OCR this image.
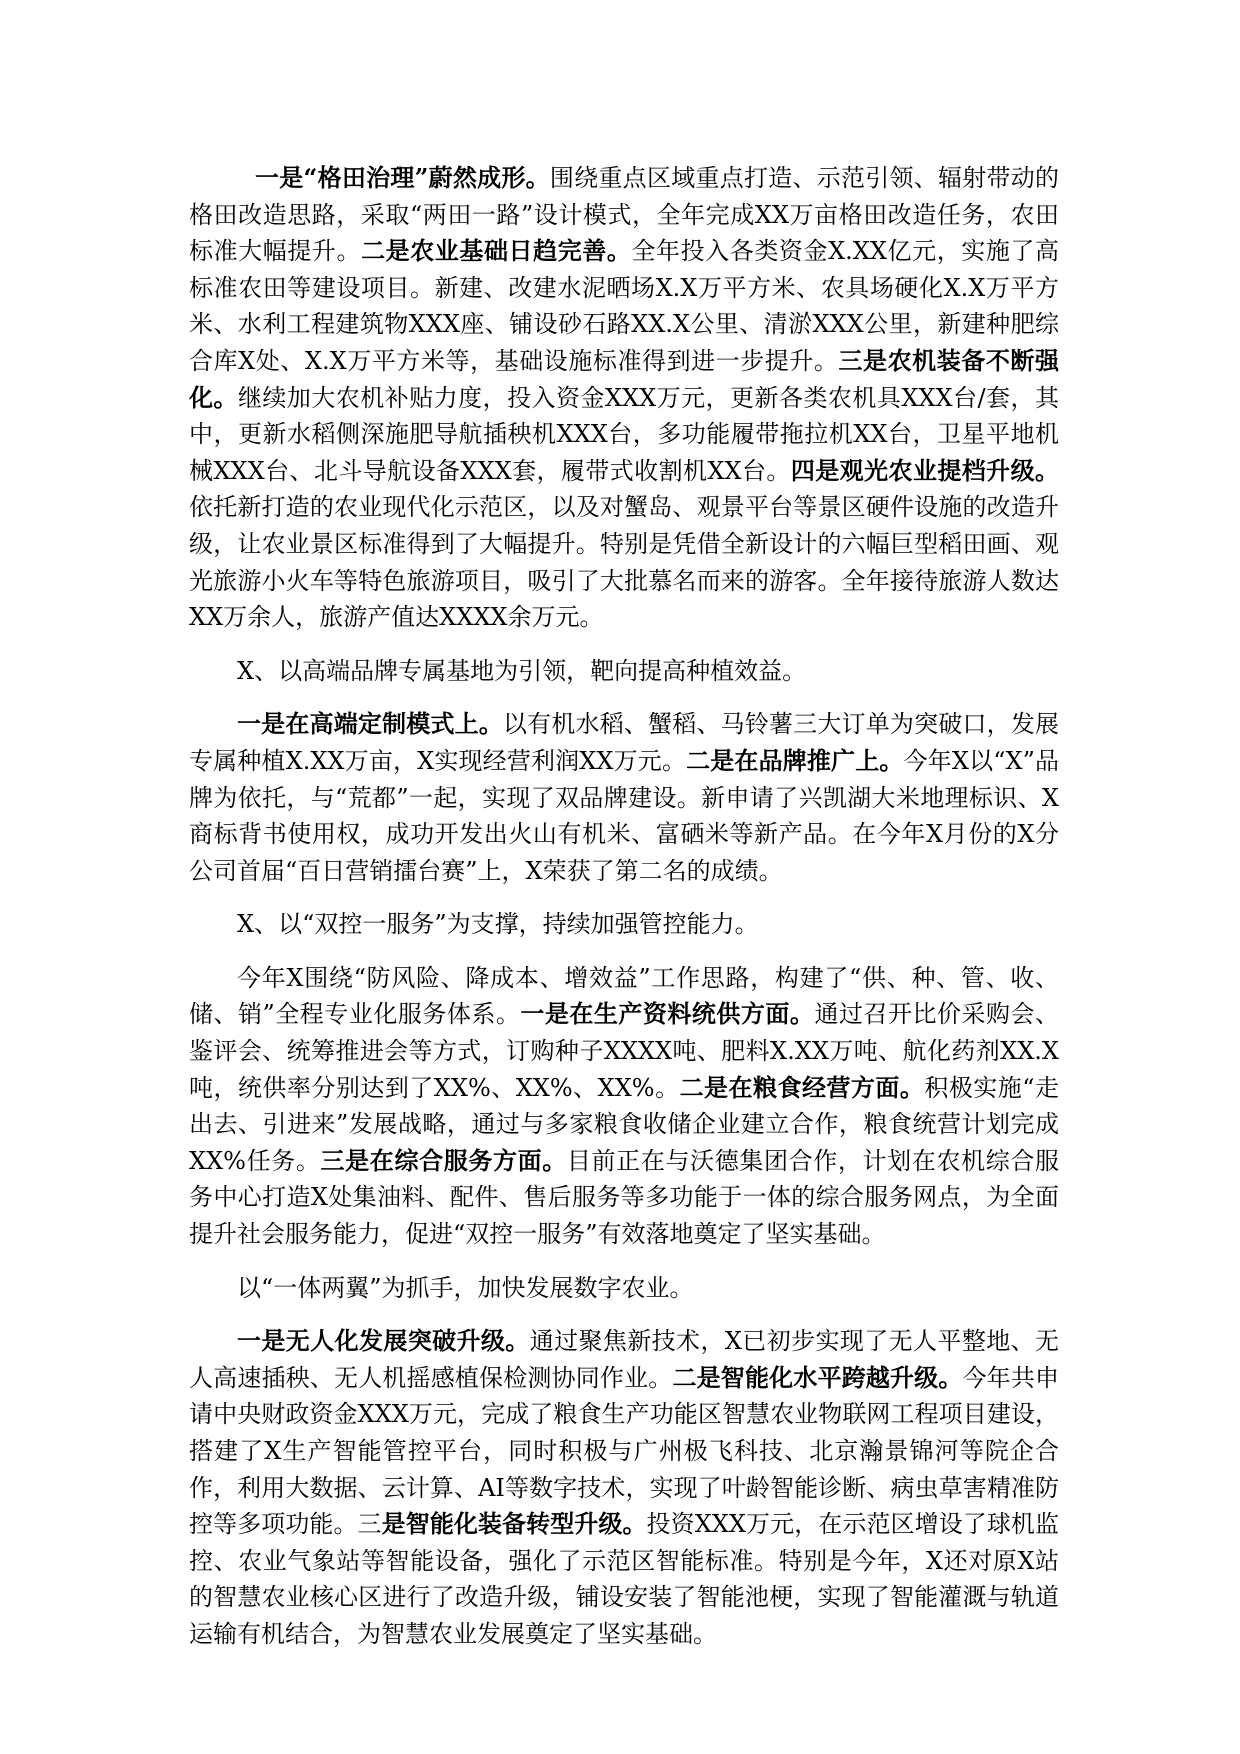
一是“格田治理”蔚然成形。围绕重点区域重点打造、示范引领、辐射带动的格田改造思路，采取“两田一路”设计模式，全年完成XX万亩格田改造任务，农田标准大幅提升。二是农业基础日趋完善。全年投入各类资金X.XX亿元，实施了高标准农田等建设项目。新建、改建水泥晒场X.X万平方米、农具场硬化X.X万平方米、水利工程建筑物XXX座、铺设砂石路XX.X公里、清淤XXX公里，新建种肥综合库X处、X.X万平方米等，基础设施标准得到进一步提升。三是农机装备不断强化。继续加大农机补贴力度，投入资金XXX万元，更新各类农机具XXX台/套，其中，更新水稻侧深施肥导航插秧机XXX台，多功能履带拖拉机XX台，卫星平地机械XXX台、北斗导航设备XXX套，履带式收割机XX台。四是观光农业提档升级。依托新打造的农业现代化示范区，以及对蟹岛、观景平台等景区硬件设施的改造升级，让农业景区标准得到了大幅提升。特别是凭借全新设计的六幅巨型稻田画、观光旅游小火车等特色旅游项目，吸引了大批慕名而来的游客。全年接待旅游人数达XX万余人，旅游产值达XXXX余万元。

X、以高端品牌专属基地为引领，靶向提高种植效益。

一是在高端定制模式上。以有机水稻、蟹稻、马铃薯三大订单为突破口，发展专属种植X.XX万亩，X实现经营利润XX万元。二是在品牌推广上。今年X以“X”品牌为依托，与“荒都”一起，实现了双品牌建设。新申请了兴凯湖大米地理标识、X商标背书使用权，成功开发出火山有机米、富硒米等新产品。在今年X月份的X分公司首届“百日营销擂台赛”上，X荣获了第二名的成绩。

X、以“双控一服务”为支撑，持续加强管控能力。

今年X围绕“防风险、降成本、增效益”工作思路，构建了“供、种、管、收、储、销”全程专业化服务体系。一是在生产资料统供方面。通过召开比价采购会、鉴评会、统筹推进会等方式，订购种子XXXX吨、肥料X.XX万吨、航化药剂XX.X吨，统供率分别达到了XX%、XX%、XX%。二是在粮食经营方面。积极实施“走出去、引进来”发展战略，通过与多家粮食收储企业建立合作，粮食统营计划完成XX%任务。三是在综合服务方面。目前正在与沃德集团合作，计划在农机综合服务中心打造X处集油料、配件、售后服务等多功能于一体的综合服务网点，为全面提升社会服务能力，促进“双控一服务”有效落地奠定了坚实基础。

以“一体两翼”为抓手，加快发展数字农业。

一是无人化发展突破升级。通过聚焦新技术，X已初步实现了无人平整地、无人高速插秧、无人机摇感植保检测协同作业。二是智能化水平跨越升级。今年共申请中央财政资金XXX万元，完成了粮食生产功能区智慧农业物联网工程项目建设，搭建了X生产智能管控平台，同时积极与广州极飞科技、北京瀚景锦河等院企合作，利用大数据、云计算、AI等数字技术，实现了叶龄智能诊断、病虫草害精准防控等多项功能。三是智能化装备转型升级。投资XXX万元，在示范区增设了球机监控、农业气象站等智能设备，强化了示范区智能标准。特别是今年，X还对原X站的智慧农业核心区进行了改造升级，铺设安装了智能池梗，实现了智能灌溉与轨道运输有机结合，为智慧农业发展奠定了坚实基础。
